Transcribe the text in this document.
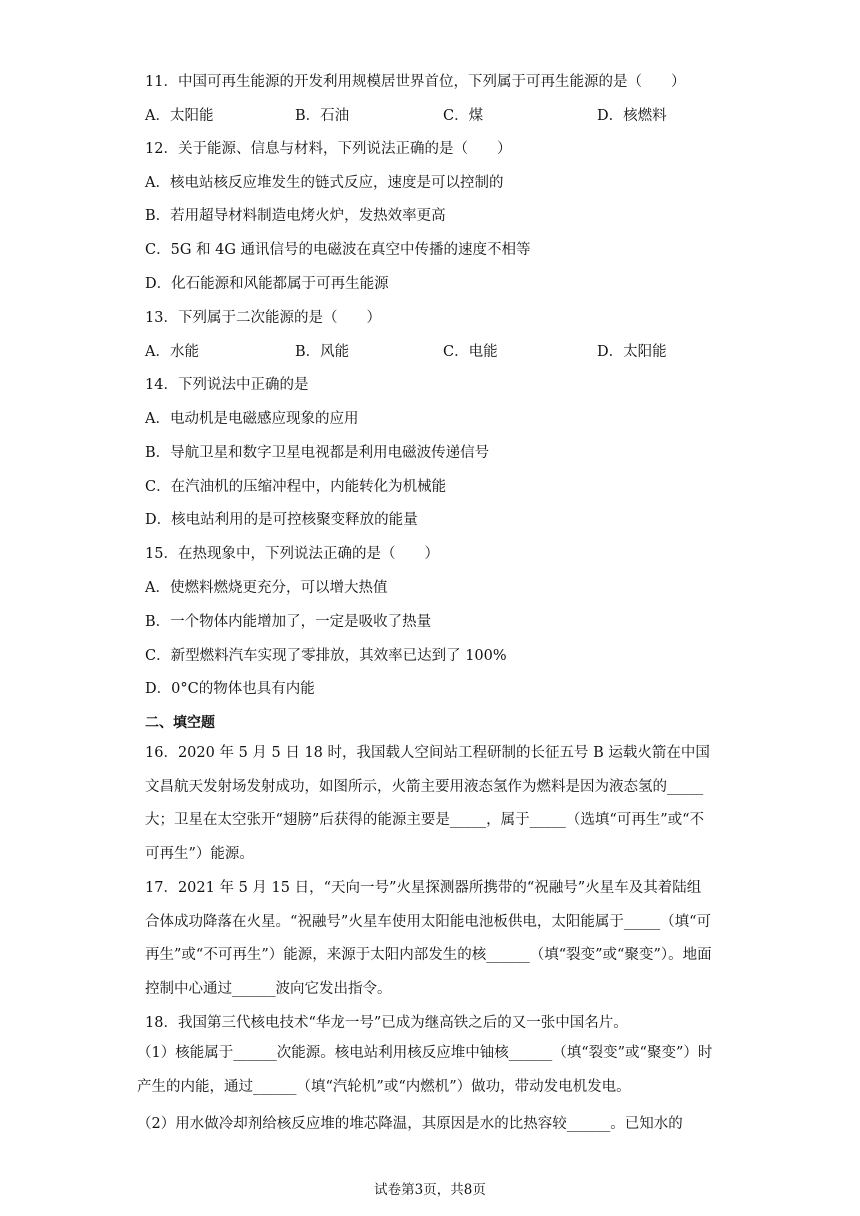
11．中国可再生能源的开发利用规模居世界首位，下列属于可再生能源的是（　　）
A．太阳能	B．石油	C．煤	D．核燃料
12．关于能源、信息与材料，下列说法正确的是（　　）
A．核电站核反应堆发生的链式反应，速度是可以控制的
B．若用超导材料制造电烤火炉，发热效率更高
C．5G 和 4G 通讯信号的电磁波在真空中传播的速度不相等
D．化石能源和风能都属于可再生能源
13．下列属于二次能源的是（　　）
A．水能	B．风能	C．电能	D．太阳能
14．下列说法中正确的是
A．电动机是电磁感应现象的应用
B．导航卫星和数字卫星电视都是利用电磁波传递信号
C．在汽油机的压缩冲程中，内能转化为机械能
D．核电站利用的是可控核聚变释放的能量
15．在热现象中，下列说法正确的是（　　）
A．使燃料燃烧更充分，可以增大热值
B．一个物体内能增加了，一定是吸收了热量
C．新型燃料汽车实现了零排放，其效率已达到了 100%
D．0°C的物体也具有内能
二、填空题
16．2020 年 5 月 5 日 18 时，我国载人空间站工程研制的长征五号 B 运载火箭在中国文昌航天发射场发射成功，如图所示，火箭主要用液态氢作为燃料是因为液态氢的_____大；卫星在太空张开“翅膀”后获得的能源主要是_____，属于_____（选填“可再生”或“不可再生”）能源。
17．2021 年 5 月 15 日，“天向一号”火星探测器所携带的“祝融号”火星车及其着陆组合体成功降落在火星。“祝融号”火星车使用太阳能电池板供电，太阳能属于_____（填“可再生”或“不可再生”）能源，来源于太阳内部发生的核______（填“裂变”或“聚变”）。地面控制中心通过______波向它发出指令。
18．我国第三代核电技术“华龙一号”已成为继高铁之后的又一张中国名片。
（1）核能属于______次能源。核电站利用核反应堆中铀核______（填“裂变”或“聚变”）时产生的内能，通过______（填“汽轮机”或“内燃机”）做功，带动发电机发电。
（2）用水做冷却剂给核反应堆的堆芯降温，其原因是水的比热容较______。已知水的
试卷第3页，共8页
